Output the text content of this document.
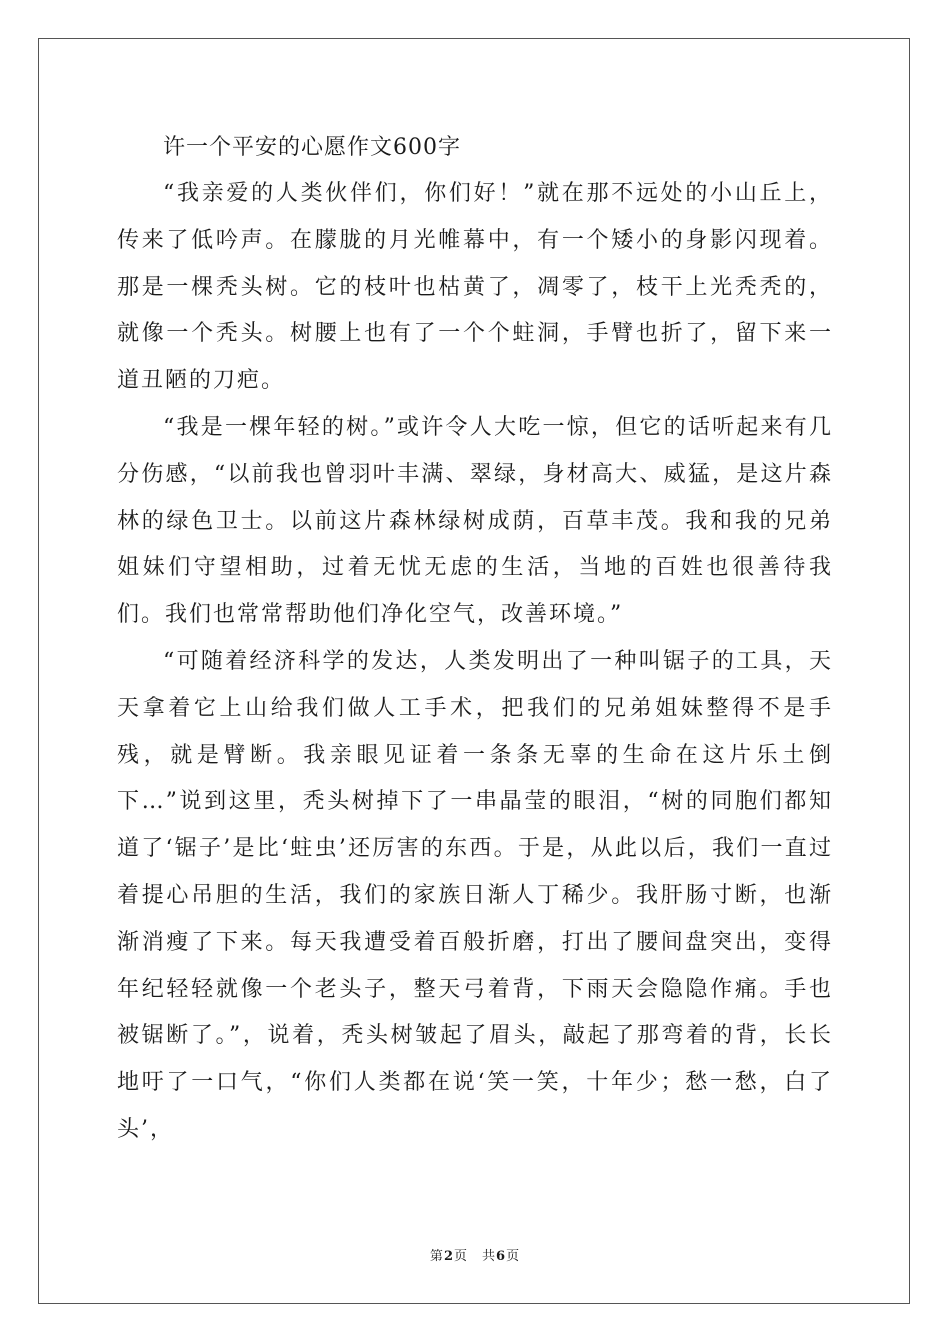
许一个平安的心愿作文600字

“我亲爱的人类伙伴们，你们好！”就在那不远处的小山丘上，传来了低吟声。在朦胧的月光帷幕中，有一个矮小的身影闪现着。那是一棵秃头树。它的枝叶也枯黄了，凋零了，枝干上光秃秃的，就像一个秃头。树腰上也有了一个个蛀洞，手臂也折了，留下来一道丑陋的刀疤。

“我是一棵年轻的树。”或许令人大吃一惊，但它的话听起来有几分伤感，“以前我也曾羽叶丰满、翠绿，身材高大、威猛，是这片森林的绿色卫士。以前这片森林绿树成荫，百草丰茂。我和我的兄弟姐妹们守望相助，过着无忧无虑的生活，当地的百姓也很善待我们。我们也常常帮助他们净化空气，改善环境。”

“可随着经济科学的发达，人类发明出了一种叫锯子的工具，天天拿着它上山给我们做人工手术，把我们的兄弟姐妹整得不是手残，就是臂断。我亲眼见证着一条条无辜的生命在这片乐土倒下…”说到这里，秃头树掉下了一串晶莹的眼泪，“树的同胞们都知道了‘锯子’是比‘蛀虫’还厉害的东西。于是，从此以后，我们一直过着提心吊胆的生活，我们的家族日渐人丁稀少。我肝肠寸断，也渐渐消瘦了下来。每天我遭受着百般折磨，打出了腰间盘突出，变得年纪轻轻就像一个老头子，整天弓着背，下雨天会隐隐作痛。手也被锯断了。”，说着，秃头树皱起了眉头，敲起了那弯着的背，长长地吁了一口气，“你们人类都在说‘笑一笑，十年少；愁一愁，白了头’，

第2页 共6页
